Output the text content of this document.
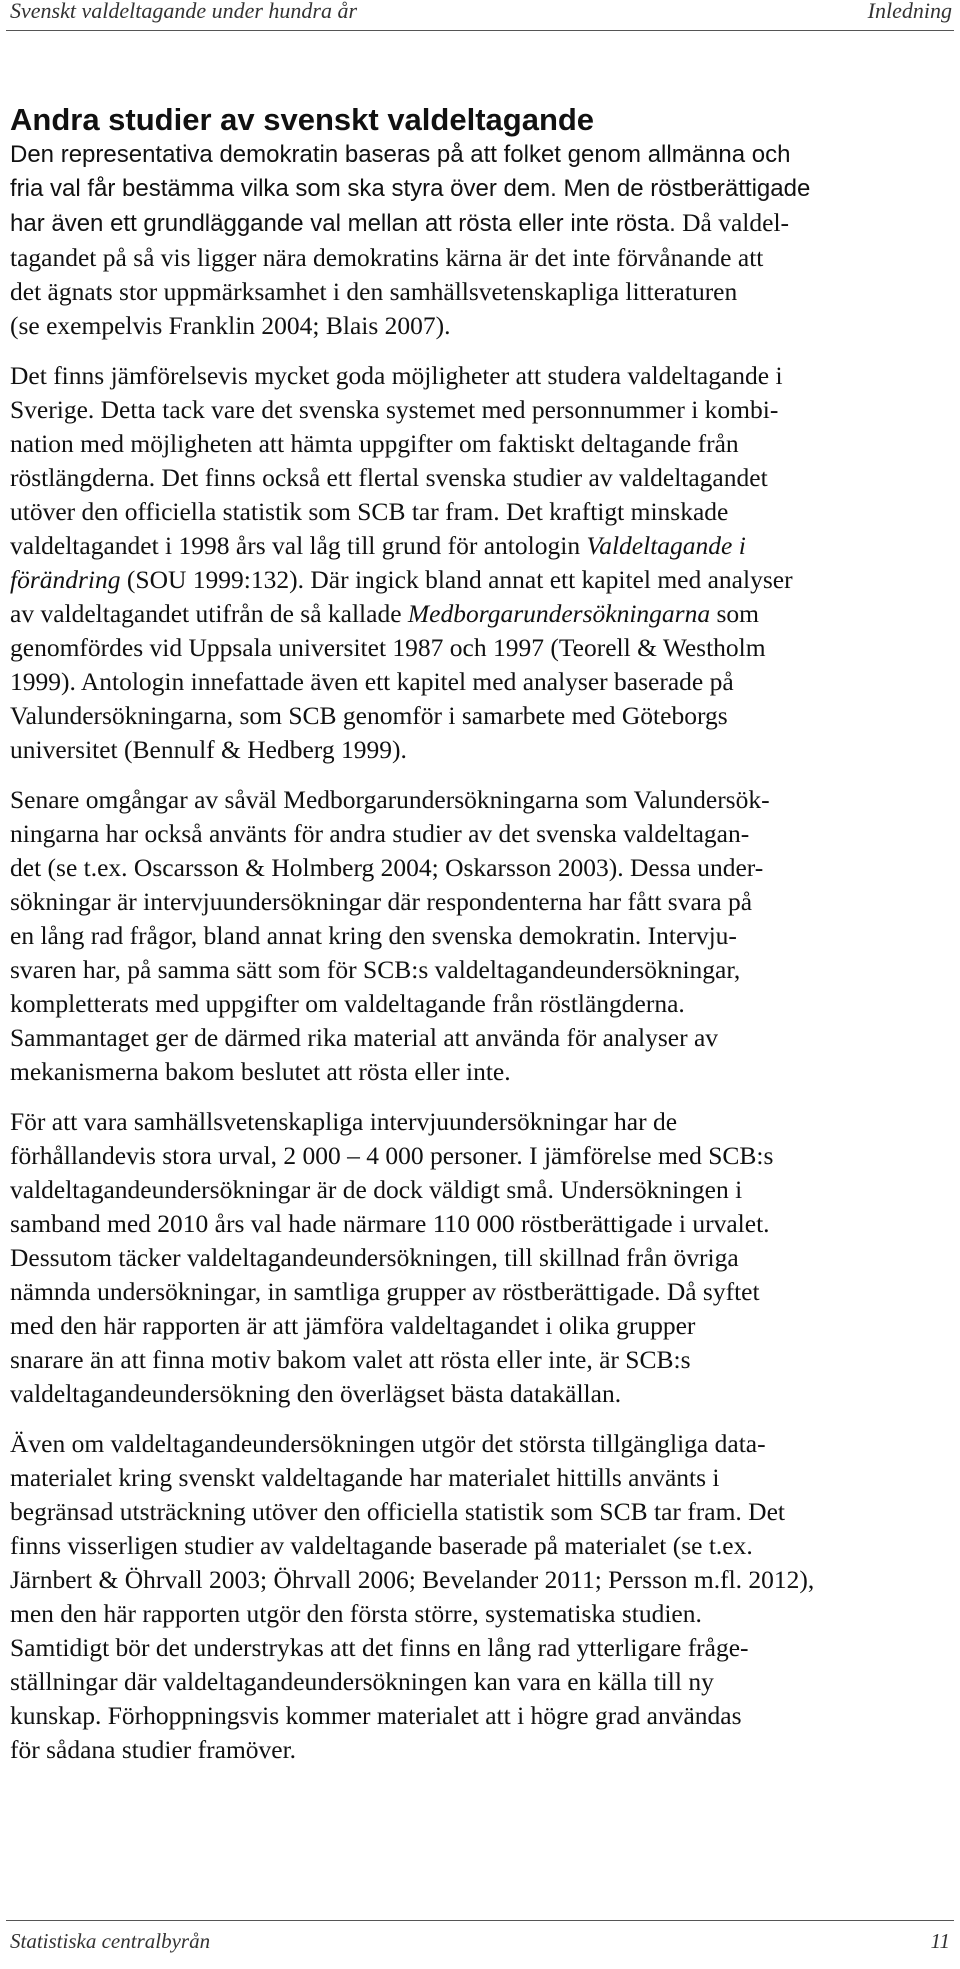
Svenskt valdeltagande under hundra år	Inledning
Andra studier av svenskt valdeltagande
Den representativa demokratin baseras på att folket genom allmänna och
fria val får bestämma vilka som ska styra över dem. Men de röstberättigade
har även ett grundläggande val mellan att rösta eller inte rösta. Då valdel-
tagandet på så vis ligger nära demokratins kärna är det inte förvånande att
det ägnats stor uppmärksamhet i den samhällsvetenskapliga litteraturen
(se exempelvis Franklin 2004; Blais 2007).
Det finns jämförelsevis mycket goda möjligheter att studera valdeltagande i
Sverige. Detta tack vare det svenska systemet med personnummer i kombi-
nation med möjligheten att hämta uppgifter om faktiskt deltagande från
röstlängderna. Det finns också ett flertal svenska studier av valdeltagandet
utöver den officiella statistik som SCB tar fram. Det kraftigt minskade
valdeltagandet i 1998 års val låg till grund för antologin Valdeltagande i
förändring (SOU 1999:132). Där ingick bland annat ett kapitel med analyser
av valdeltagandet utifrån de så kallade Medborgarundersökningarna som
genomfördes vid Uppsala universitet 1987 och 1997 (Teorell & Westholm
1999). Antologin innefattade även ett kapitel med analyser baserade på
Valundersökningarna, som SCB genomför i samarbete med Göteborgs
universitet (Bennulf & Hedberg 1999).
Senare omgångar av såväl Medborgarundersökningarna som Valundersök-
ningarna har också använts för andra studier av det svenska valdeltagan-
det (se t.ex. Oscarsson & Holmberg 2004; Oskarsson 2003). Dessa under-
sökningar är intervjuundersökningar där respondenterna har fått svara på
en lång rad frågor, bland annat kring den svenska demokratin. Intervju-
svaren har, på samma sätt som för SCB:s valdeltagandeundersökningar,
kompletterats med uppgifter om valdeltagande från röstlängderna.
Sammantaget ger de därmed rika material att använda för analyser av
mekanismerna bakom beslutet att rösta eller inte.
För att vara samhällsvetenskapliga intervjuundersökningar har de
förhållandevis stora urval, 2 000 – 4 000 personer. I jämförelse med SCB:s
valdeltagandeundersökningar är de dock väldigt små. Undersökningen i
samband med 2010 års val hade närmare 110 000 röstberättigade i urvalet.
Dessutom täcker valdeltagandeundersökningen, till skillnad från övriga
nämnda undersökningar, in samtliga grupper av röstberättigade. Då syftet
med den här rapporten är att jämföra valdeltagandet i olika grupper
snarare än att finna motiv bakom valet att rösta eller inte, är SCB:s
valdeltagandeundersökning den överlägset bästa datakällan.
Även om valdeltagandeundersökningen utgör det största tillgängliga data-
materialet kring svenskt valdeltagande har materialet hittills använts i
begränsad utsträckning utöver den officiella statistik som SCB tar fram. Det
finns visserligen studier av valdeltagande baserade på materialet (se t.ex.
Järnbert & Öhrvall 2003; Öhrvall 2006; Bevelander 2011; Persson m.fl. 2012),
men den här rapporten utgör den första större, systematiska studien.
Samtidigt bör det understrykas att det finns en lång rad ytterligare fråge-
ställningar där valdeltagandeundersökningen kan vara en källa till ny
kunskap. Förhoppningsvis kommer materialet att i högre grad användas
för sådana studier framöver.
Statistiska centralbyrån	11
